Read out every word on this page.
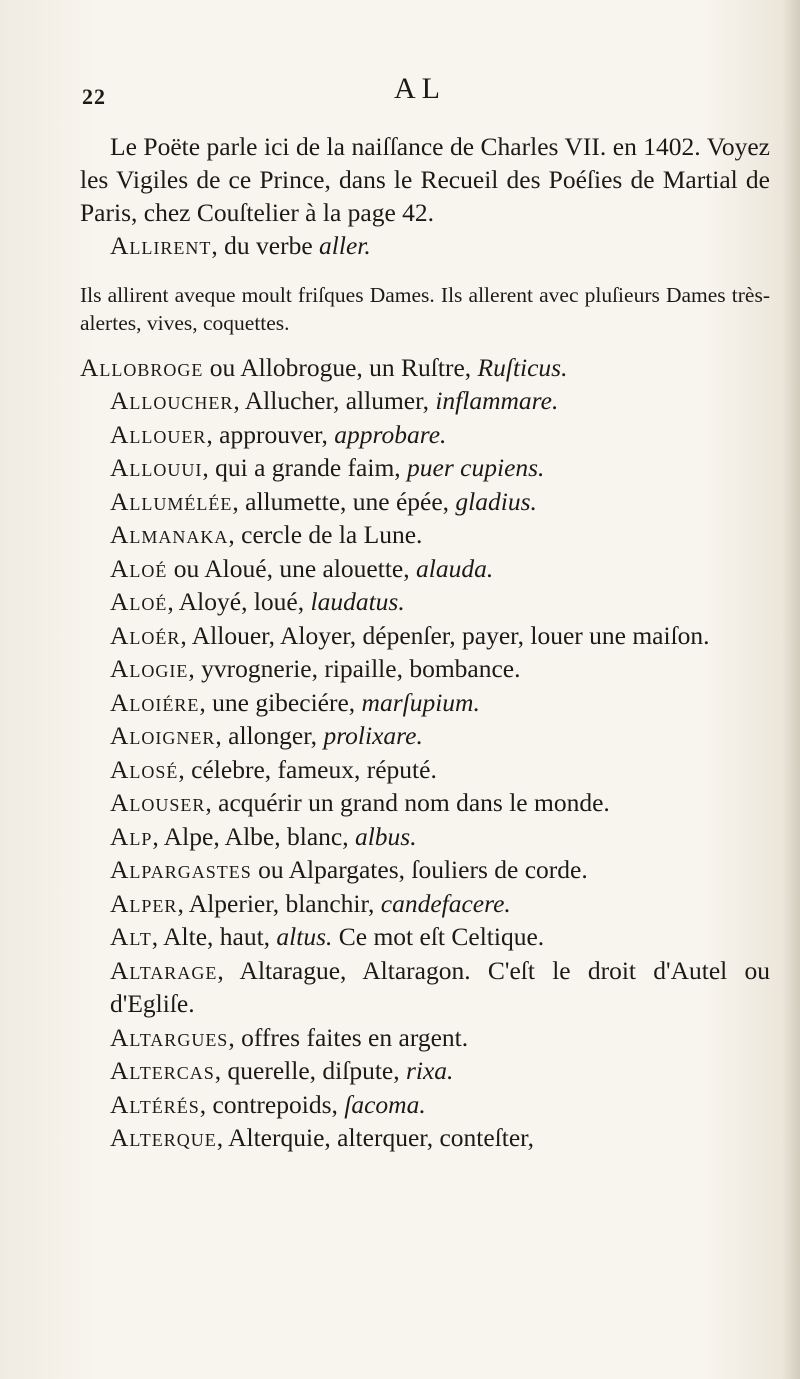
22	AL

Le Poëte parle ici de la naiſſance de Charles VII. en 1402. Voyez les Vigiles de ce Prince, dans le Recueil des Poéſies de Martial de Paris, chez Couſtelier à la page 42.

Allirent, du verbe aller.

Ils allirent aveque moult friſques Dames. Ils allerent avec pluſieurs Dames très-alertes, vives, coquettes.

Allobroge ou Allobrogue, un Ruſtre, Ruſticus.

Alloucher, Allucher, allumer, inflammare.

Allouer, approuver, approbare.

Allouui, qui a grande faim, puer cupiens.

Allumélée, allumette, une épée, gladius.

Almanaka, cercle de la Lune.

Aloé ou Aloué, une alouette, alauda.

Aloé, Aloyé, loué, laudatus.

Aloér, Allouer, Aloyer, dépenſer, payer, louer une maiſon.

Alogie, yvrognerie, ripaille, bombance.

Aloiére, une gibeciére, marſupium.

Aloigner, allonger, prolixare.

Alosé, célebre, fameux, réputé.

Alouser, acquérir un grand nom dans le monde.

Alp, Alpe, Albe, blanc, albus.

Alpargastes ou Alpargates, ſouliers de corde.

Alper, Alperier, blanchir, candefacere.

Alt, Alte, haut, altus. Ce mot eſt Celtique.

Altarage, Altarague, Altaragon. C'eſt le droit d'Autel ou d'Egliſe.

Altargues, offres faites en argent.

Altercas, querelle, diſpute, rixa.

Altérés, contrepoids, ſacoma.

Alterque, Alterquie, alterquer, conteſter,
